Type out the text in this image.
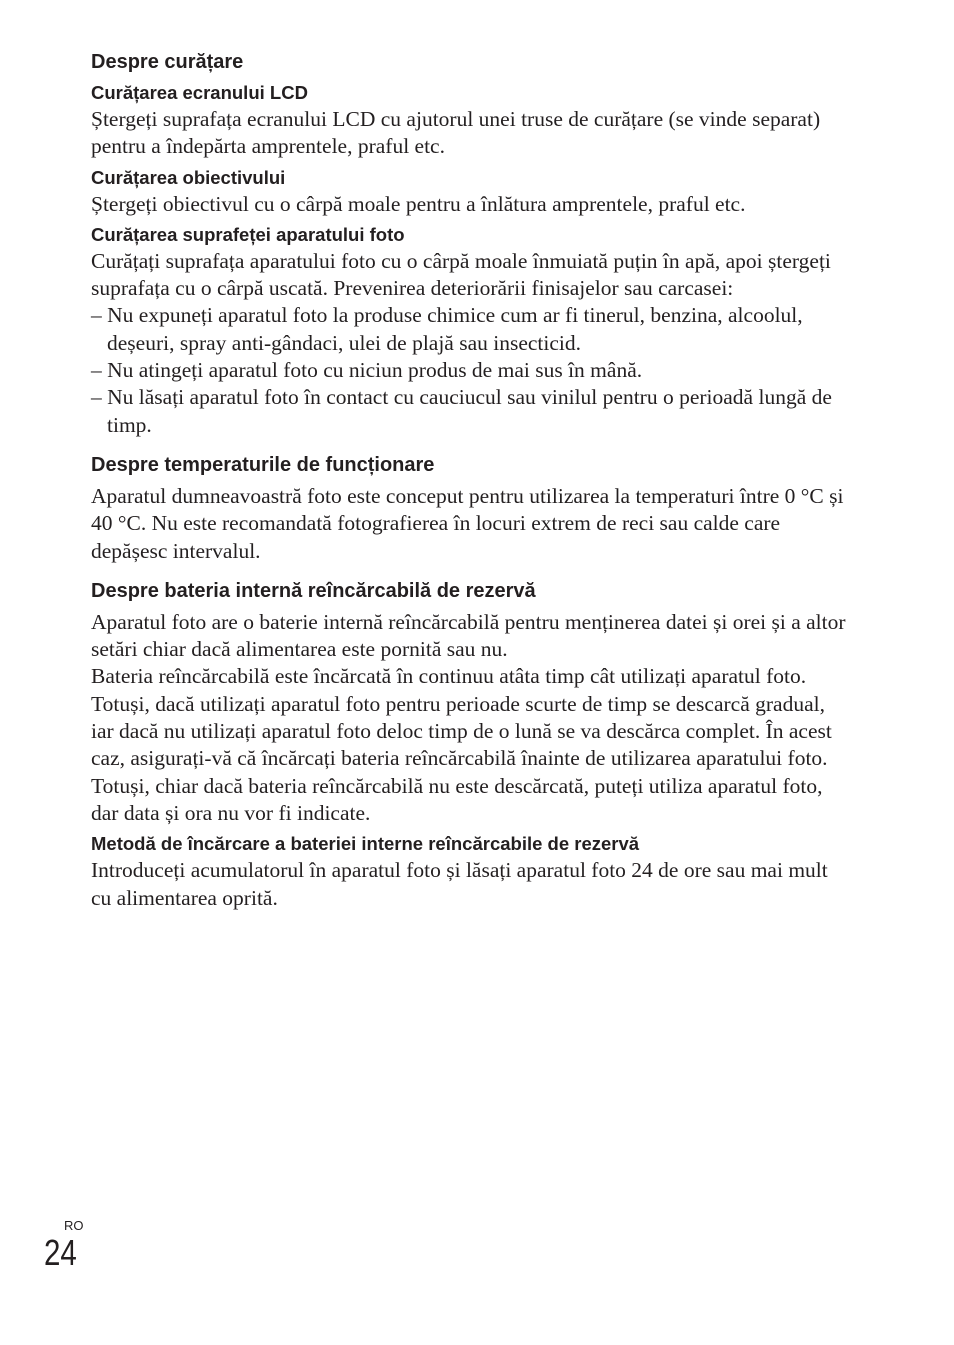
Despre curățare
Curățarea ecranului LCD
Ștergeți suprafața ecranului LCD cu ajutorul unei truse de curățare (se vinde separat) pentru a îndepărta amprentele, praful etc.
Curățarea obiectivului
Ștergeți obiectivul cu o cârpă moale pentru a înlătura amprentele, praful etc.
Curățarea suprafeței aparatului foto
Curățați suprafața aparatului foto cu o cârpă moale înmuiată puțin în apă, apoi ștergeți suprafața cu o cârpă uscată. Prevenirea deteriorării finisajelor sau carcasei:
– Nu expuneți aparatul foto la produse chimice cum ar fi tinerul, benzina, alcoolul, deșeuri, spray anti-gândaci, ulei de plajă sau insecticid.
– Nu atingeți aparatul foto cu niciun produs de mai sus în mână.
– Nu lăsați aparatul foto în contact cu cauciucul sau vinilul pentru o perioadă lungă de timp.
Despre temperaturile de funcționare
Aparatul dumneavoastră foto este conceput pentru utilizarea la temperaturi între 0 °C și 40 °C. Nu este recomandată fotografierea în locuri extrem de reci sau calde care depășesc intervalul.
Despre bateria internă reîncărcabilă de rezervă
Aparatul foto are o baterie internă reîncărcabilă pentru menținerea datei și orei și a altor setări chiar dacă alimentarea este pornită sau nu.
Bateria reîncărcabilă este încărcată în continuu atâta timp cât utilizați aparatul foto. Totuși, dacă utilizați aparatul foto pentru perioade scurte de timp se descarcă gradual, iar dacă nu utilizați aparatul foto deloc timp de o lună se va descărca complet. În acest caz, asigurați-vă că încărcați bateria reîncărcabilă înainte de utilizarea aparatului foto.
Totuși, chiar dacă bateria reîncărcabilă nu este descărcată, puteți utiliza aparatul foto, dar data și ora nu vor fi indicate.
Metodă de încărcare a bateriei interne reîncărcabile de rezervă
Introduceți acumulatorul în aparatul foto și lăsați aparatul foto 24 de ore sau mai mult cu alimentarea oprită.
RO
24
